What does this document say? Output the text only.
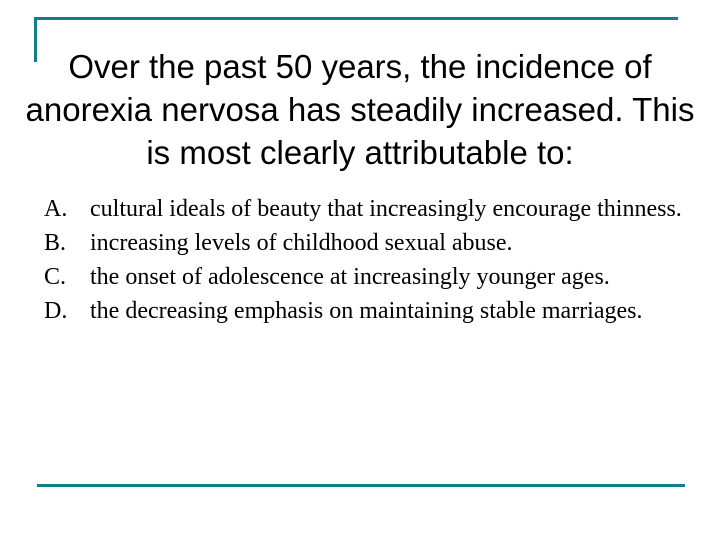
Over the past 50 years, the incidence of anorexia nervosa has steadily increased. This is most clearly attributable to:
A. cultural ideals of beauty that increasingly encourage thinness.
B. increasing levels of childhood sexual abuse.
C. the onset of adolescence at increasingly younger ages.
D. the decreasing emphasis on maintaining stable marriages.
